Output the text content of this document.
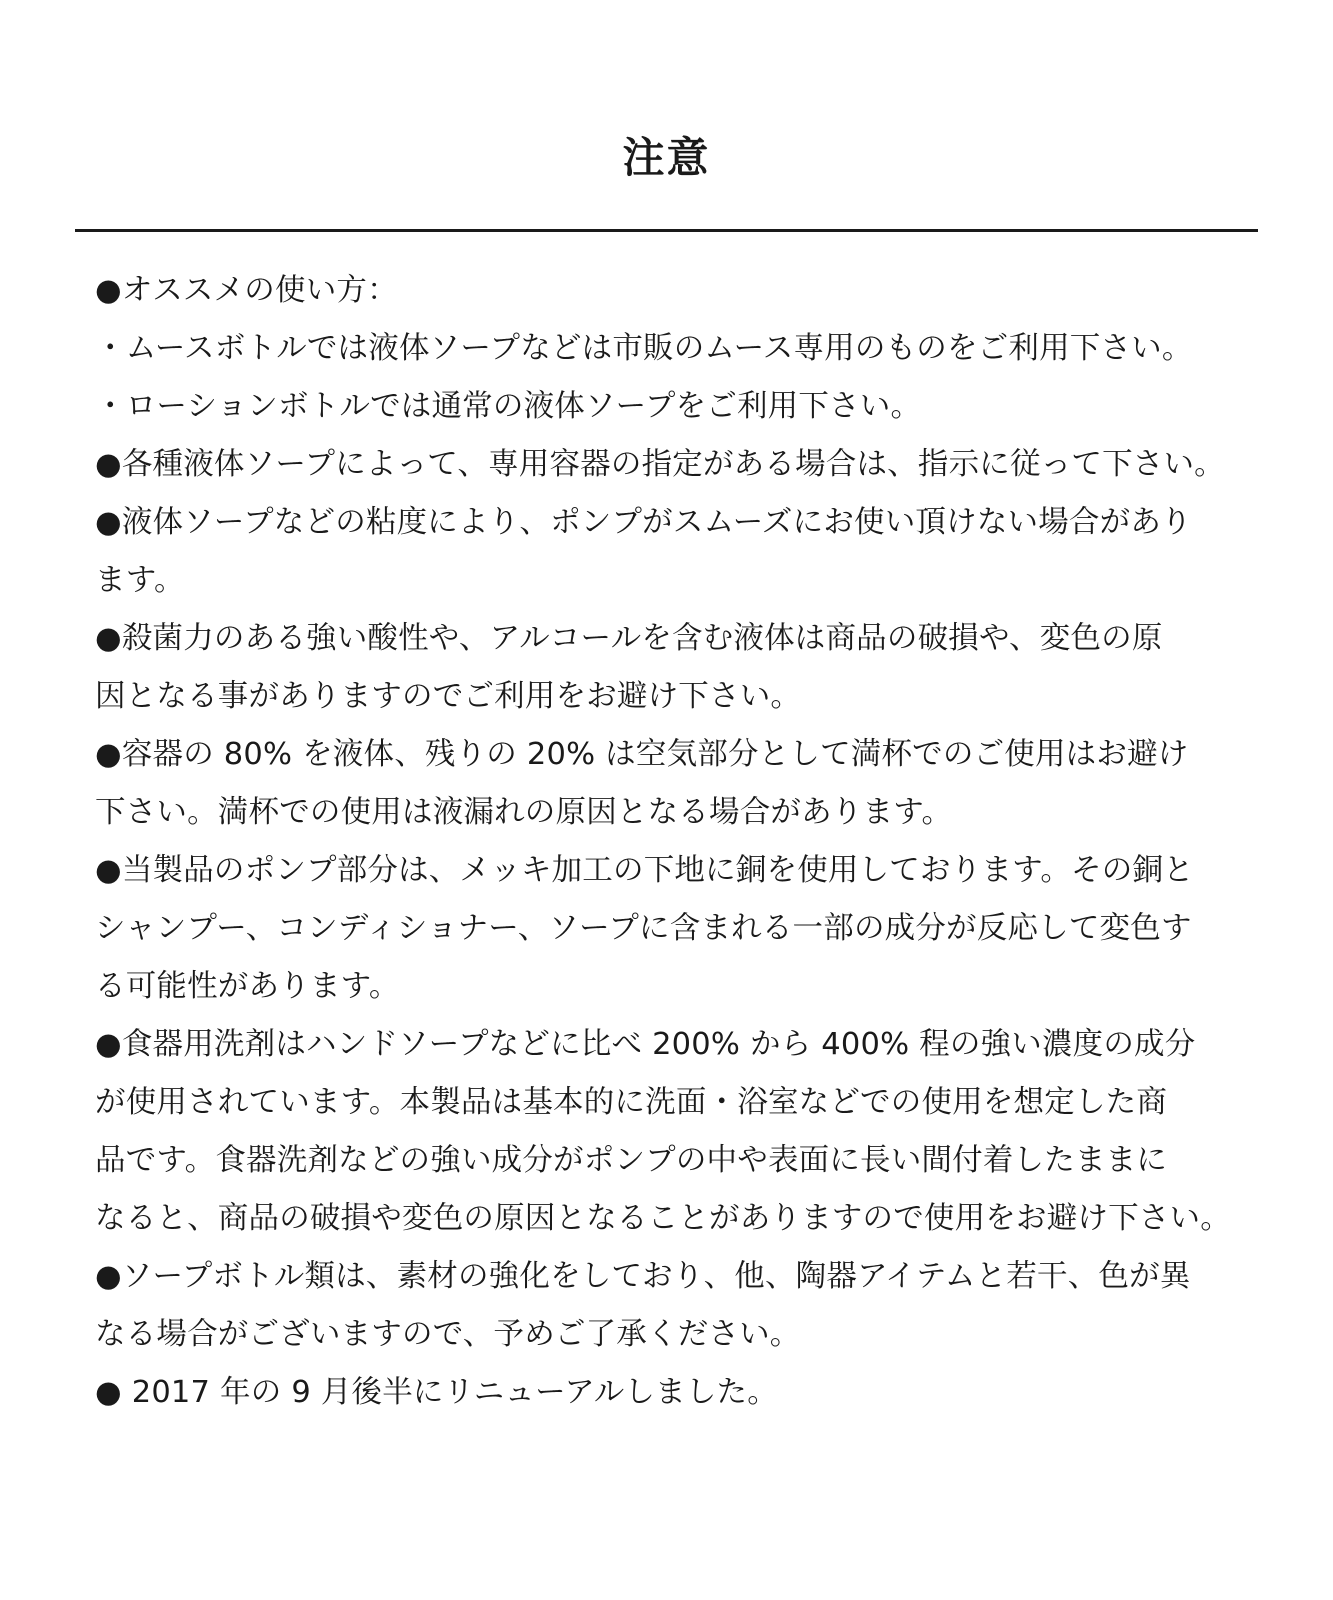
注意
●オススメの使い方：
・ムースボトルでは液体ソープなどは市販のムース専用のものをご利用下さい。
・ローションボトルでは通常の液体ソープをご利用下さい。
●各種液体ソープによって、専用容器の指定がある場合は、指示に従って下さい。
●液体ソープなどの粘度により、ポンプがスムーズにお使い頂けない場合があり
ます。
●殺菌力のある強い酸性や、アルコールを含む液体は商品の破損や、変色の原
因となる事がありますのでご利用をお避け下さい。
●容器の 80% を液体、残りの 20% は空気部分として満杯でのご使用はお避け
下さい。満杯での使用は液漏れの原因となる場合があります。
●当製品のポンプ部分は、メッキ加工の下地に銅を使用しております。その銅と
シャンプー、コンディショナー、ソープに含まれる一部の成分が反応して変色す
る可能性があります。
●食器用洗剤はハンドソープなどに比べ 200% から 400% 程の強い濃度の成分
が使用されています。本製品は基本的に洗面・浴室などでの使用を想定した商
品です。食器洗剤などの強い成分がポンプの中や表面に長い間付着したままに
なると、商品の破損や変色の原因となることがありますので使用をお避け下さい。
●ソープボトル類は、素材の強化をしており、他、陶器アイテムと若干、色が異
なる場合がございますので、予めご了承ください。
● 2017 年の 9 月後半にリニューアルしました。
